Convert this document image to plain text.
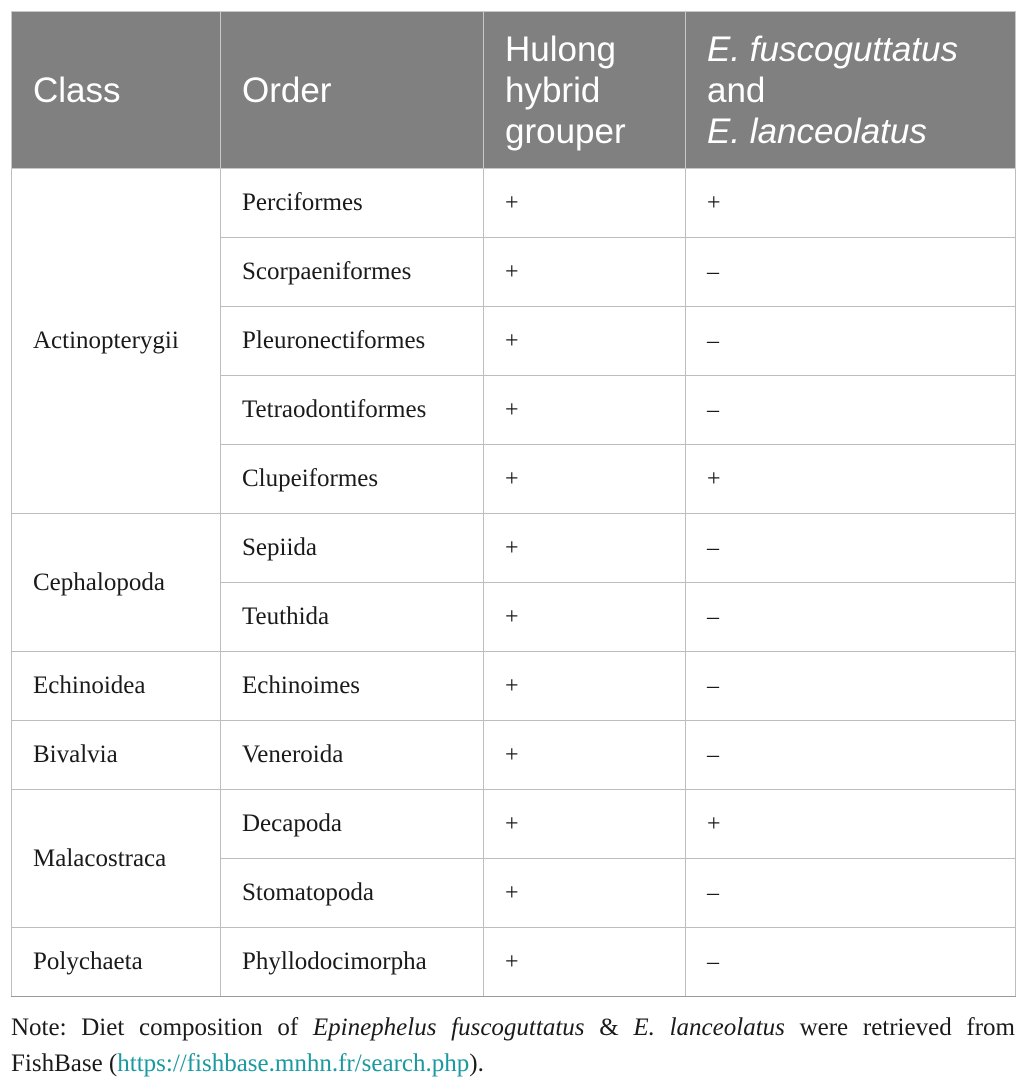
Class	Order	Hulong hybrid grouper	E. fuscoguttatus
and
E. lanceolatus
Actinopterygii	Perciformes	+	+
	Scorpaeniformes	+	–
	Pleuronectiformes	+	–
	Tetraodontiformes	+	–
	Clupeiformes	+	+
Cephalopoda	Sepiida	+	–
	Teuthida	+	–
Echinoidea	Echinoimes	+	–
Bivalvia	Veneroida	+	–
Malacostraca	Decapoda	+	+
	Stomatopoda	+	–
Polychaeta	Phyllodocimorpha	+	–
Note: Diet composition of Epinephelus fuscoguttatus & E. lanceolatus were retrieved from FishBase (https://fishbase.mnhn.fr/search.php).
